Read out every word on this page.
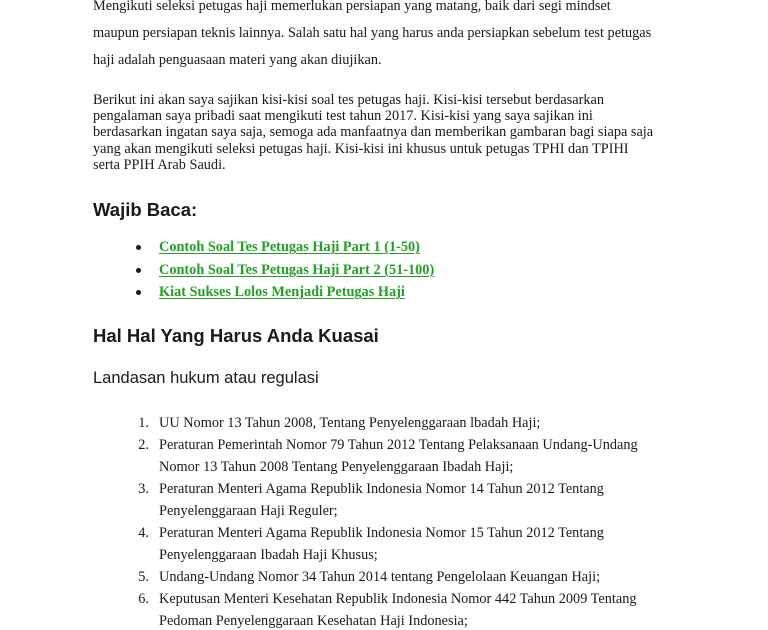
Mengikuti seleksi petugas haji memerlukan persiapan yang matang, baik dari segi mindset
maupun persiapan teknis lainnya. Salah satu hal yang harus anda persiapkan sebelum test petugas
haji adalah penguasaan materi yang akan diujikan.

Berikut ini akan saya sajikan kisi-kisi soal tes petugas haji. Kisi-kisi tersebut berdasarkan
pengalaman saya pribadi saat mengikuti test tahun 2017. Kisi-kisi yang saya sajikan ini
berdasarkan ingatan saya saja, semoga ada manfaatnya dan memberikan gambaran bagi siapa saja
yang akan mengikuti seleksi petugas haji. Kisi-kisi ini khusus untuk petugas TPHI dan TPIHI
serta PPIH Arab Saudi.

Wajib Baca:
Contoh Soal Tes Petugas Haji Part 1 (1-50)
Contoh Soal Tes Petugas Haji Part 2 (51-100)
Kiat Sukses Lolos Menjadi Petugas Haji
Hal Hal Yang Harus Anda Kuasai
Landasan hukum atau regulasi
1. UU Nomor 13 Tahun 2008, Tentang Penyelenggaraan lbadah Haji;
2. Peraturan Pemerintah Nomor 79 Tahun 2012 Tentang Pelaksanaan Undang-Undang
Nomor 13 Tahun 2008 Tentang Penyelenggaraan Ibadah Haji;
3. Peraturan Menteri Agama Republik Indonesia Nomor 14 Tahun 2012 Tentang
Penyelenggaraan Haji Reguler;
4. Peraturan Menteri Agama Republik Indonesia Nomor 15 Tahun 2012 Tentang
Penyelenggaraan Ibadah Haji Khusus;
5. Undang-Undang Nomor 34 Tahun 2014 tentang Pengelolaan Keuangan Haji;
6. Keputusan Menteri Kesehatan Republik Indonesia Nomor 442 Tahun 2009 Tentang
Pedoman Penyelenggaraan Kesehatan Haji Indonesia;
